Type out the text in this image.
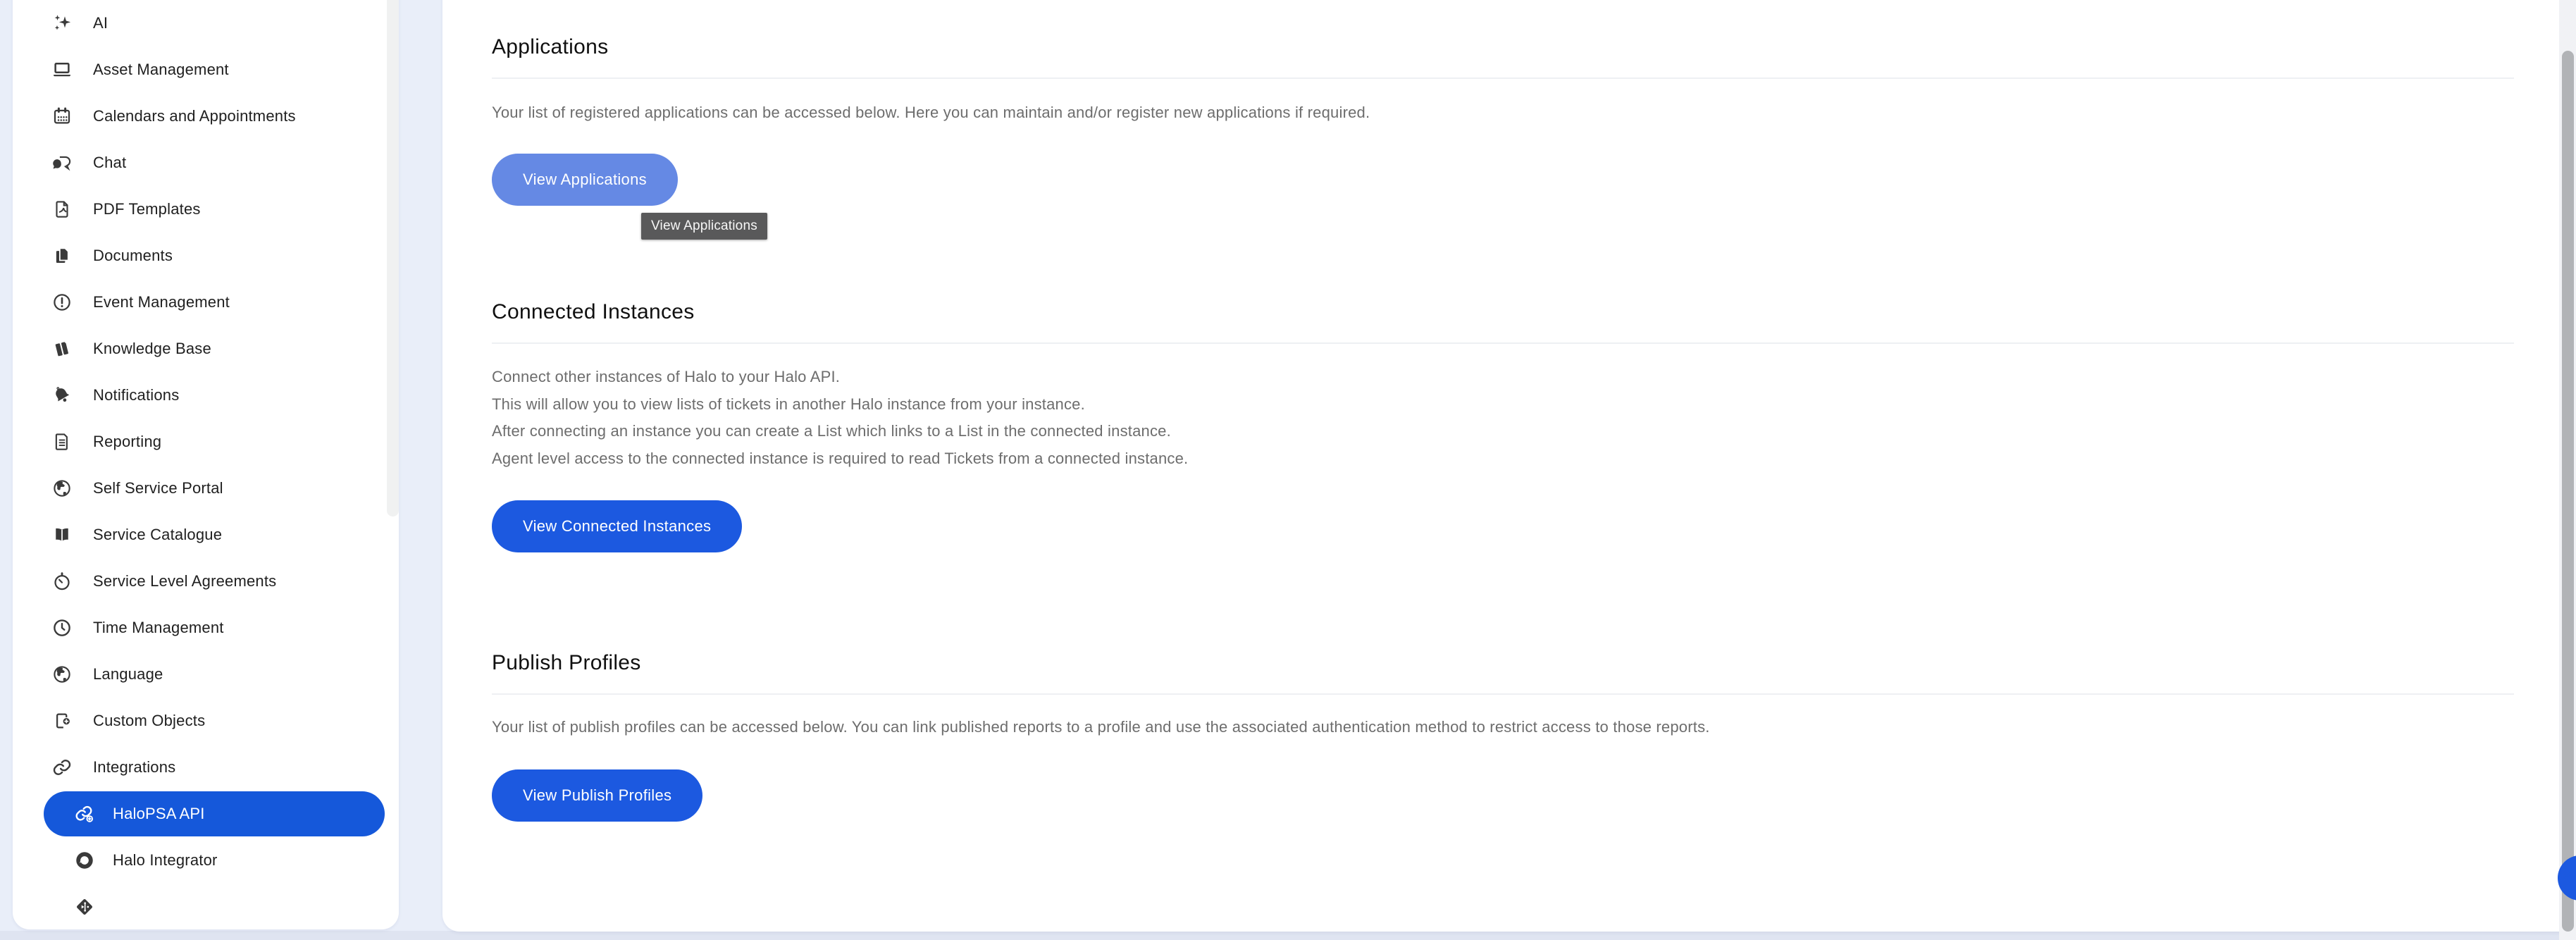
AI
Asset Management
Calendars and Appointments
Chat
PDF Templates
Documents
Event Management
Knowledge Base
Notifications
Reporting
Self Service Portal
Service Catalogue
Service Level Agreements
Time Management
Language
Custom Objects
Integrations
HaloPSA API
Halo Integrator
Applications
Your list of registered applications can be accessed below. Here you can maintain and/or register new applications if required.
View Applications
Connected Instances
Connect other instances of Halo to your Halo API.
This will allow you to view lists of tickets in another Halo instance from your instance.
After connecting an instance you can create a List which links to a List in the connected instance.
Agent level access to the connected instance is required to read Tickets from a connected instance.
View Connected Instances
Publish Profiles
Your list of publish profiles can be accessed below. You can link published reports to a profile and use the associated authentication method to restrict access to those reports.
View Publish Profiles
View Applications
